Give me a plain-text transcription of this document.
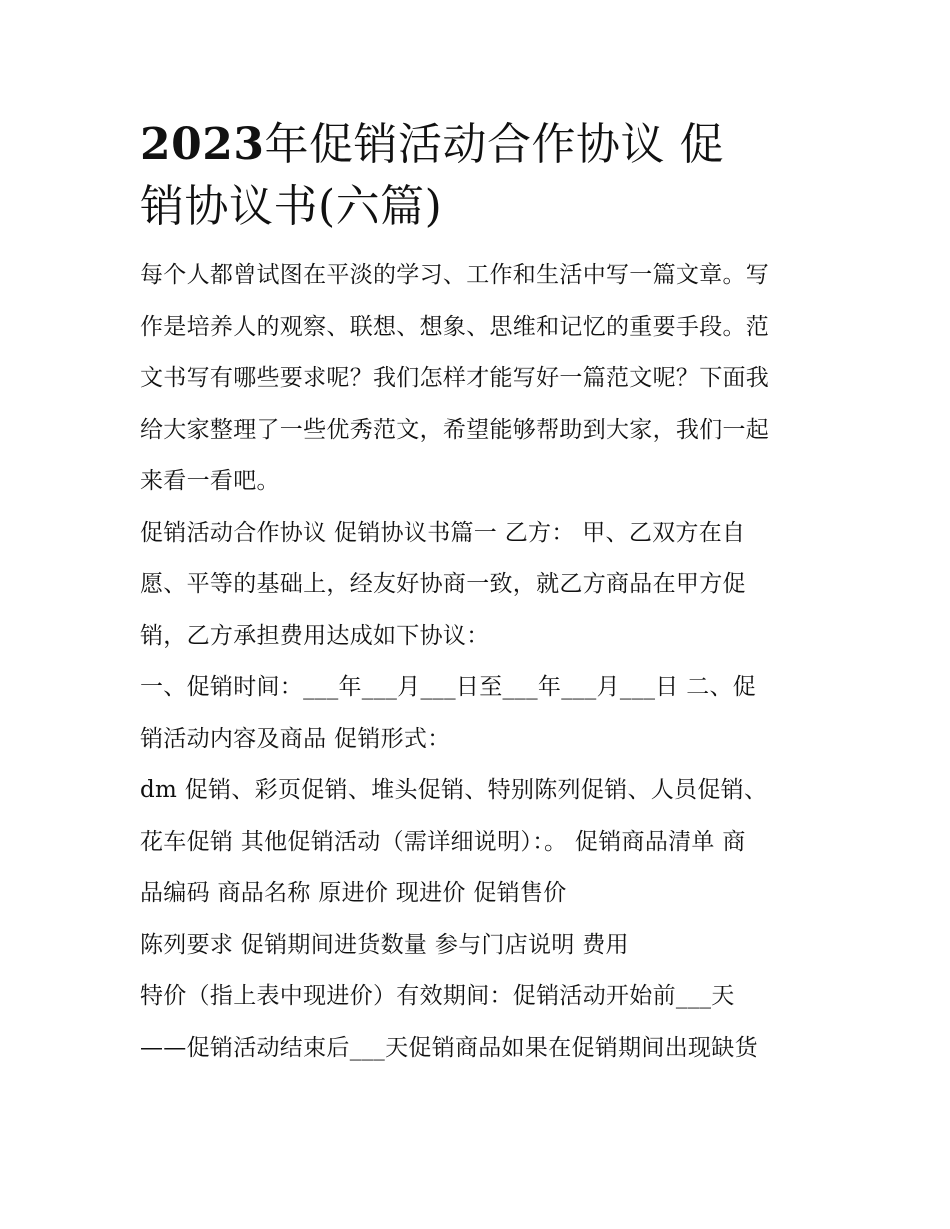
2023年促销活动合作协议 促
销协议书(六篇)
每个人都曾试图在平淡的学习、工作和生活中写一篇文章。写
作是培养人的观察、联想、想象、思维和记忆的重要手段。范
文书写有哪些要求呢？我们怎样才能写好一篇范文呢？下面我
给大家整理了一些优秀范文，希望能够帮助到大家，我们一起
来看一看吧。
促销活动合作协议 促销协议书篇一 乙方： 甲、乙双方在自
愿、平等的基础上，经友好协商一致，就乙方商品在甲方促
销，乙方承担费用达成如下协议：
一、促销时间：___年___月___日至___年___月___日 二、促
销活动内容及商品 促销形式：
dm 促销、彩页促销、堆头促销、特别陈列促销、人员促销、
花车促销 其他促销活动（需详细说明）：。 促销商品清单 商
品编码 商品名称 原进价 现进价 促销售价
陈列要求 促销期间进货数量 参与门店说明 费用
特价（指上表中现进价）有效期间：促销活动开始前___天
——促销活动结束后___天促销商品如果在促销期间出现缺货
